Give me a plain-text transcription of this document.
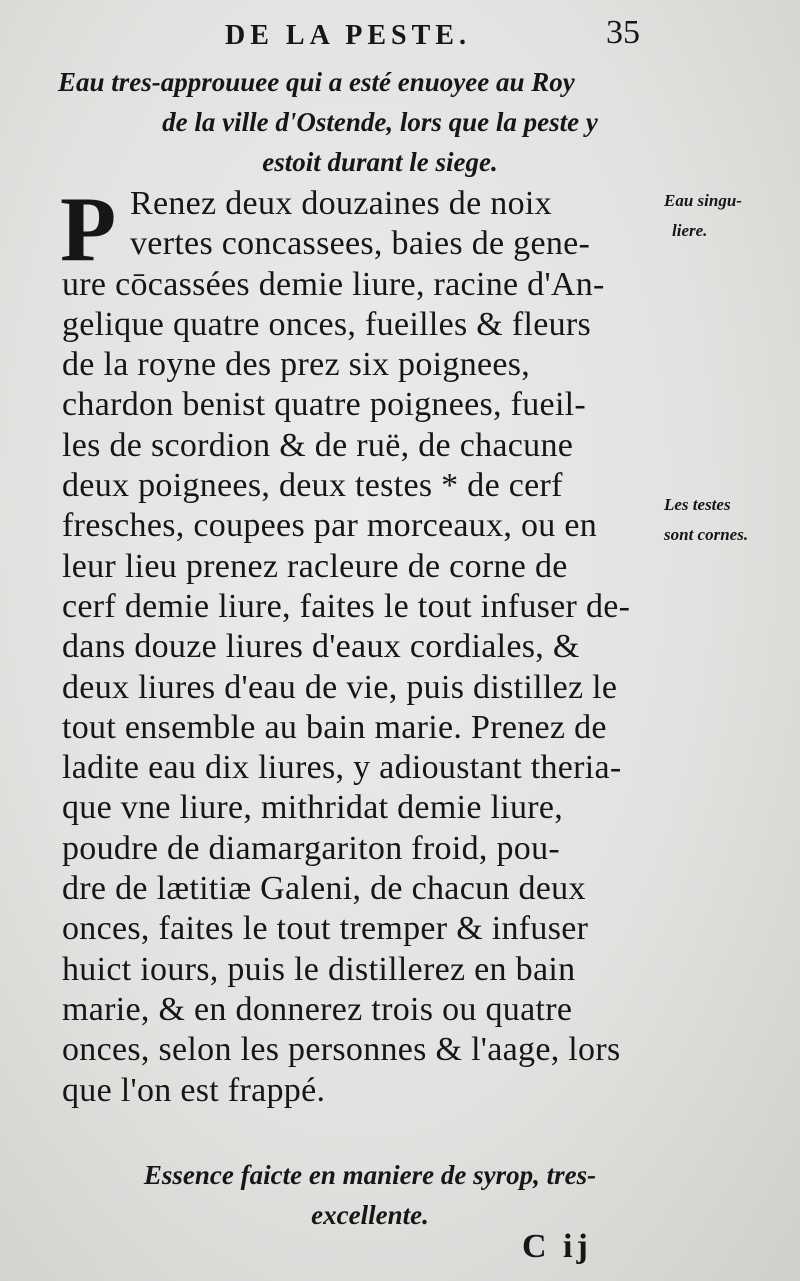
DE LA PESTE.	35
Eau tres-approuuee qui a esté enuoyee au Roy
de la ville d'Ostende, lors que la peste y
estoit durant le siege.
P Renez deux douzaines de noix
vertes concassees, baies de gene-
ure cōcassées demie liure, racine d'An-
gelique quatre onces, fueilles & fleurs
de la royne des prez six poignees,
chardon benist quatre poignees, fueil-
les de scordion & de ruë, de chacune
deux poignees, deux testes * de cerf
fresches, coupees par morceaux, ou en
leur lieu prenez racleure de corne de
cerf demie liure, faites le tout infuser de-
dans douze liures d'eaux cordiales, &
deux liures d'eau de vie, puis distillez le
tout ensemble au bain marie. Prenez de
ladite eau dix liures, y adioustant theria-
que vne liure, mithridat demie liure,
poudre de diamargariton froid, pou-
dre de lætitiæ Galeni, de chacun deux
onces, faites le tout tremper & infuser
huict iours, puis le distillerez en bain
marie, & en donnerez trois ou quatre
onces, selon les personnes & l'aage, lors
que l'on est frappé.
Eau singu-
liere.
Les testes
sont cornes.
Essence faicte en maniere de syrop, tres-
excellente.
C ij
